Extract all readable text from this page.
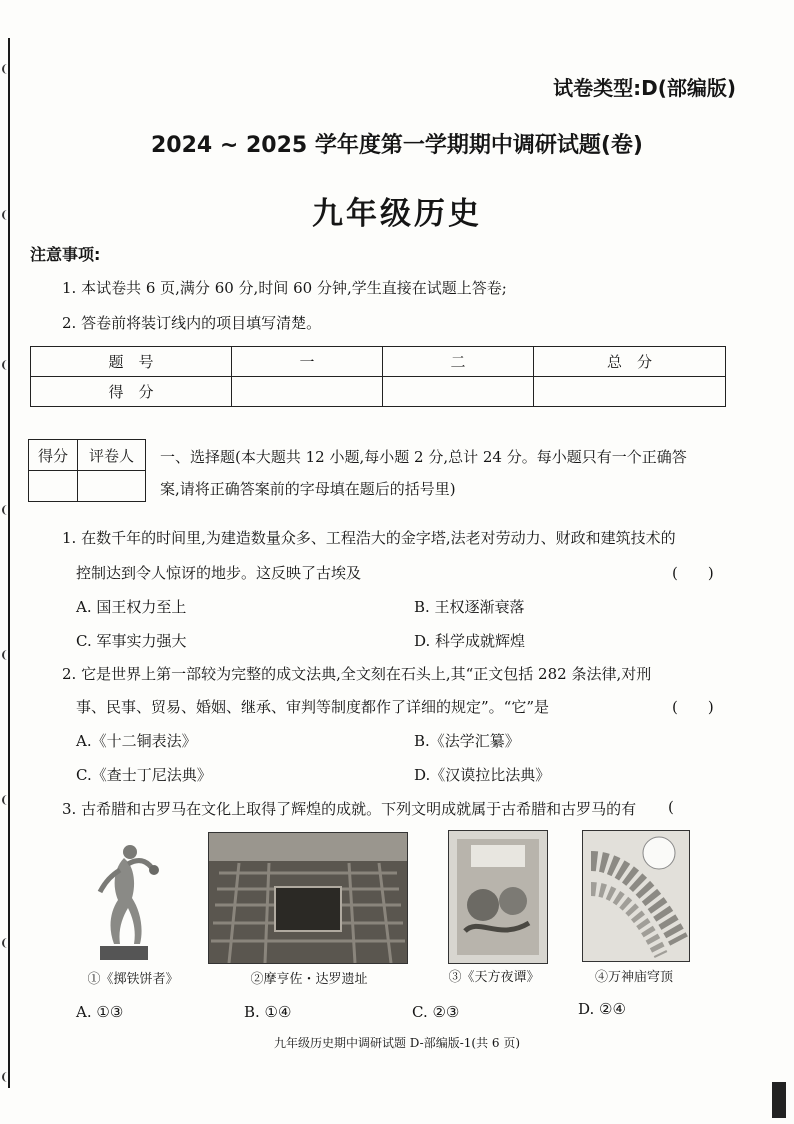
试卷类型:D(部编版)
2024 ~ 2025 学年度第一学期期中调研试题(卷)
九年级历史
注意事项:
1. 本试卷共 6 页,满分 60 分,时间 60 分钟,学生直接在试题上答卷;
2. 答卷前将装订线内的项目填写清楚。
题　号	一	二	总　分
得　分			
得分	评卷人
	一、选择题(本大题共 12 小题,每小题 2 分,总计 24 分。每小题只有一个正确答
案,请将正确答案前的字母填在题后的括号里)
1. 在数千年的时间里,为建造数量众多、工程浩大的金字塔,法老对劳动力、财政和建筑技术的
控制达到令人惊讶的地步。这反映了古埃及	(　　)
A. 国王权力至上	B. 王权逐渐衰落
C. 军事实力强大	D. 科学成就辉煌
2. 它是世界上第一部较为完整的成文法典,全文刻在石头上,其“正文包括 282 条法律,对刑
事、民事、贸易、婚姻、继承、审判等制度都作了详细的规定”。“它”是	(　　)
A.《十二铜表法》	B.《法学汇纂》
C.《查士丁尼法典》	D.《汉谟拉比法典》
3. 古希腊和古罗马在文化上取得了辉煌的成就。下列文明成就属于古希腊和古罗马的有 (
①《掷铁饼者》	②摩亨佐・达罗遗址	③《天方夜谭》	④万神庙穹顶
A. ①③	B. ①④	C. ②③	D. ②④
九年级历史期中调研试题 D-部编版-1(共 6 页)
